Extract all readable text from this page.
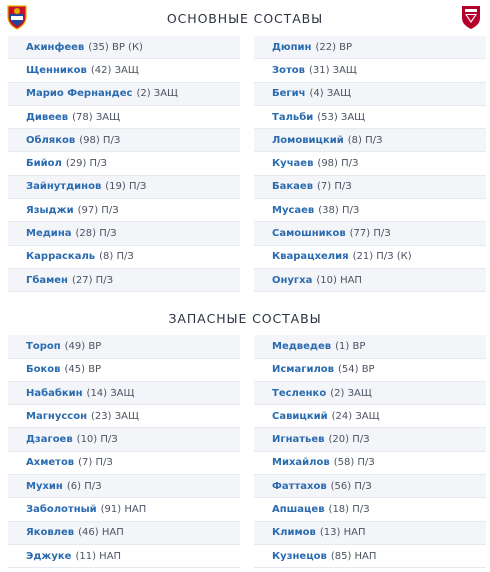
ОСНОВНЫЕ СОСТАВЫ
Акинфеев (35) ВР (К)
Щенников (42) ЗАЩ
Марио Фернандес (2) ЗАЩ
Дивеев (78) ЗАЩ
Обляков (98) П/З
Бийол (29) П/З
Зайнутдинов (19) П/З
Языджи (97) П/З
Медина (28) П/З
Карраскаль (8) П/З
Гбамен (27) П/З
Дюпин (22) ВР
Зотов (31) ЗАЩ
Бегич (4) ЗАЩ
Тальби (53) ЗАЩ
Ломовицкий (8) П/З
Кучаев (98) П/З
Бакаев (7) П/З
Мусаев (38) П/З
Самошников (77) П/З
Кварацхелия (21) П/З (К)
Онугха (10) НАП
ЗАПАСНЫЕ СОСТАВЫ
Тороп (49) ВР
Боков (45) ВР
Набабкин (14) ЗАЩ
Магнуссон (23) ЗАЩ
Дзагоев (10) П/З
Ахметов (7) П/З
Мухин (6) П/З
Заболотный (91) НАП
Яковлев (46) НАП
Эджуке (11) НАП
Медведев (1) ВР
Исмагилов (54) ВР
Тесленко (2) ЗАЩ
Савицкий (24) ЗАЩ
Игнатьев (20) П/З
Михайлов (58) П/З
Фаттахов (56) П/З
Апшацев (18) П/З
Климов (13) НАП
Кузнецов (85) НАП
